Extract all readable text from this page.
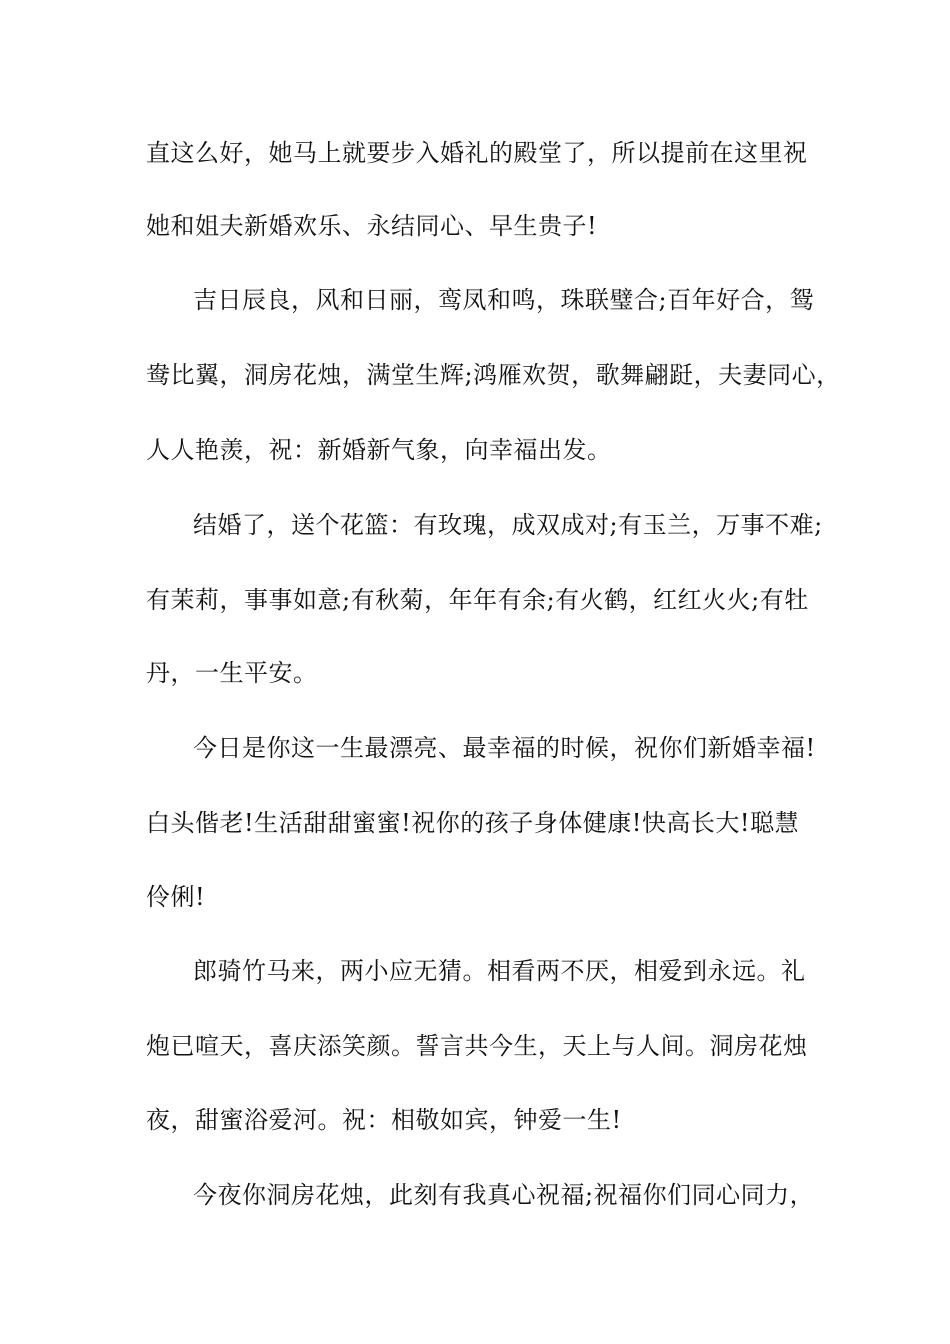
直这么好，她马上就要步入婚礼的殿堂了，所以提前在这里祝
她和姐夫新婚欢乐、永结同心、早生贵子!
吉日辰良，风和日丽，鸾凤和鸣，珠联璧合;百年好合，鸳
鸯比翼，洞房花烛，满堂生辉;鸿雁欢贺，歌舞翩跹，夫妻同心，
人人艳羡，祝：新婚新气象，向幸福出发。
结婚了，送个花篮：有玫瑰，成双成对;有玉兰，万事不难;
有茉莉，事事如意;有秋菊，年年有余;有火鹤，红红火火;有牡
丹，一生平安。
今日是你这一生最漂亮、最幸福的时候，祝你们新婚幸福!
白头偕老!生活甜甜蜜蜜!祝你的孩子身体健康!快高长大!聪慧
伶俐!
郎骑竹马来，两小应无猜。相看两不厌，相爱到永远。礼
炮已喧天，喜庆添笑颜。誓言共今生，天上与人间。洞房花烛
夜，甜蜜浴爱河。祝：相敬如宾，钟爱一生!
今夜你洞房花烛，此刻有我真心祝福;祝福你们同心同力，
